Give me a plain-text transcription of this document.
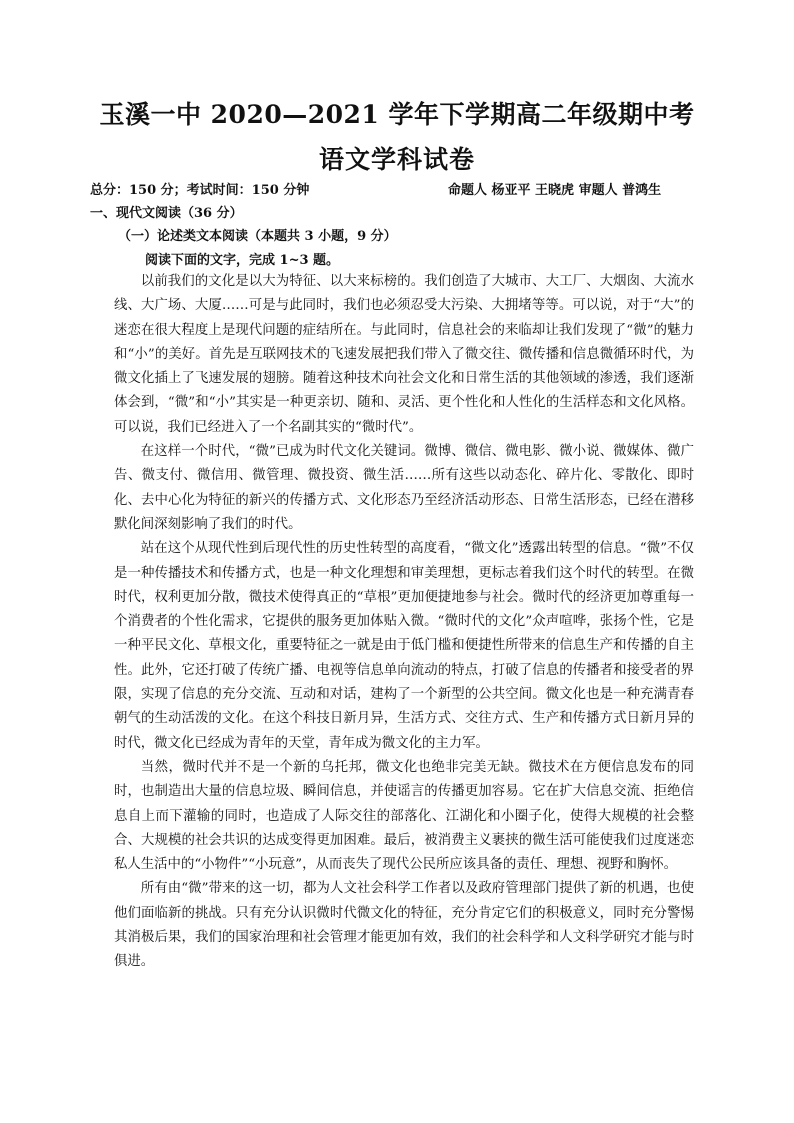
玉溪一中 2020—2021 学年下学期高二年级期中考
语文学科试卷
总分：150 分；考试时间：150 分钟	命题人 杨亚平 王晓虎 审题人 普鸿生
一、现代文阅读（36 分）
（一）论述类文本阅读（本题共 3 小题，9 分）
阅读下面的文字，完成 1~3 题。

以前我们的文化是以大为特征、以大来标榜的。我们创造了大城市、大工厂、大烟囱、大流水线、大广场、大厦……可是与此同时，我们也必须忍受大污染、大拥堵等等。可以说，对于“大”的迷恋在很大程度上是现代问题的症结所在。与此同时，信息社会的来临却让我们发现了“微”的魅力和“小”的美好。首先是互联网技术的飞速发展把我们带入了微交往、微传播和信息微循环时代，为微文化插上了飞速发展的翅膀。随着这种技术向社会文化和日常生活的其他领域的渗透，我们逐渐体会到，“微”和“小”其实是一种更亲切、随和、灵活、更个性化和人性化的生活样态和文化风格。可以说，我们已经进入了一个名副其实的“微时代”。

在这样一个时代，“微”已成为时代文化关键词。微博、微信、微电影、微小说、微媒体、微广告、微支付、微信用、微管理、微投资、微生活……所有这些以动态化、碎片化、零散化、即时化、去中心化为特征的新兴的传播方式、文化形态乃至经济活动形态、日常生活形态，已经在潜移默化间深刻影响了我们的时代。

站在这个从现代性到后现代性的历史性转型的高度看，“微文化”透露出转型的信息。“微”不仅是一种传播技术和传播方式，也是一种文化理想和审美理想，更标志着我们这个时代的转型。在微时代，权利更加分散，微技术使得真正的“草根”更加便捷地参与社会。微时代的经济更加尊重每一个消费者的个性化需求，它提供的服务更加体贴入微。“微时代的文化”众声喧哗，张扬个性，它是一种平民文化、草根文化，重要特征之一就是由于低门槛和便捷性所带来的信息生产和传播的自主性。此外，它还打破了传统广播、电视等信息单向流动的特点，打破了信息的传播者和接受者的界限，实现了信息的充分交流、互动和对话，建构了一个新型的公共空间。微文化也是一种充满青春朝气的生动活泼的文化。在这个科技日新月异，生活方式、交往方式、生产和传播方式日新月异的时代，微文化已经成为青年的天堂，青年成为微文化的主力军。

当然，微时代并不是一个新的乌托邦，微文化也绝非完美无缺。微技术在方便信息发布的同时，也制造出大量的信息垃圾、瞬间信息，并使谣言的传播更加容易。它在扩大信息交流、拒绝信息自上而下灌输的同时，也造成了人际交往的部落化、江湖化和小圈子化，使得大规模的社会整合、大规模的社会共识的达成变得更加困难。最后，被消费主义裹挟的微生活可能使我们过度迷恋私人生活中的“小物件”“小玩意”，从而丧失了现代公民所应该具备的责任、理想、视野和胸怀。

所有由“微”带来的这一切，都为人文社会科学工作者以及政府管理部门提供了新的机遇，也使他们面临新的挑战。只有充分认识微时代微文化的特征，充分肯定它们的积极意义，同时充分警惕其消极后果，我们的国家治理和社会管理才能更加有效，我们的社会科学和人文科学研究才能与时俱进。
